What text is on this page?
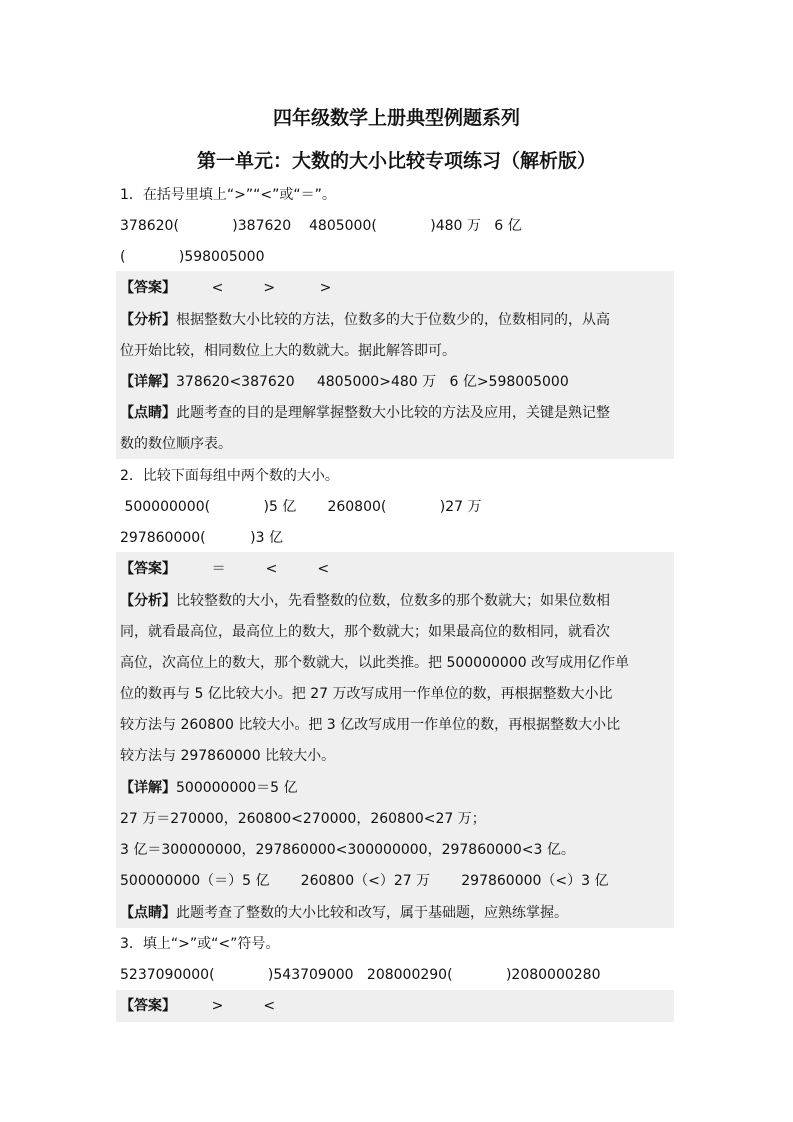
四年级数学上册典型例题系列
第一单元：大数的大小比较专项练习（解析版）
1．在括号里填上“>”“<”或“＝”。
378620(            )387620    4805000(            )480 万   6 亿
(            )598005000
【答案】        <         >          >
【分析】根据整数大小比较的方法，位数多的大于位数少的，位数相同的，从高
位开始比较，相同数位上大的数就大。据此解答即可。
【详解】378620<387620     4805000>480 万   6 亿>598005000
【点睛】此题考查的目的是理解掌握整数大小比较的方法及应用，关键是熟记整
数的数位顺序表。
2．比较下面每组中两个数的大小。
500000000(            )5 亿       260800(            )27 万
297860000(          )3 亿
【答案】        ＝         <         <
【分析】比较整数的大小，先看整数的位数，位数多的那个数就大；如果位数相
同，就看最高位，最高位上的数大，那个数就大；如果最高位的数相同，就看次
高位，次高位上的数大，那个数就大，以此类推。把 500000000 改写成用亿作单
位的数再与 5 亿比较大小。把 27 万改写成用一作单位的数，再根据整数大小比
较方法与 260800 比较大小。把 3 亿改写成用一作单位的数，再根据整数大小比
较方法与 297860000 比较大小。
【详解】500000000＝5 亿
27 万＝270000，260800<270000，260800<27 万；
3 亿＝300000000，297860000<300000000，297860000<3 亿。
500000000（＝）5 亿       260800（<）27 万       297860000（<）3 亿
【点睛】此题考查了整数的大小比较和改写，属于基础题，应熟练掌握。
3．填上“>”或“<”符号。
5237090000(            )543709000   208000290(            )2080000280
【答案】        >         <
